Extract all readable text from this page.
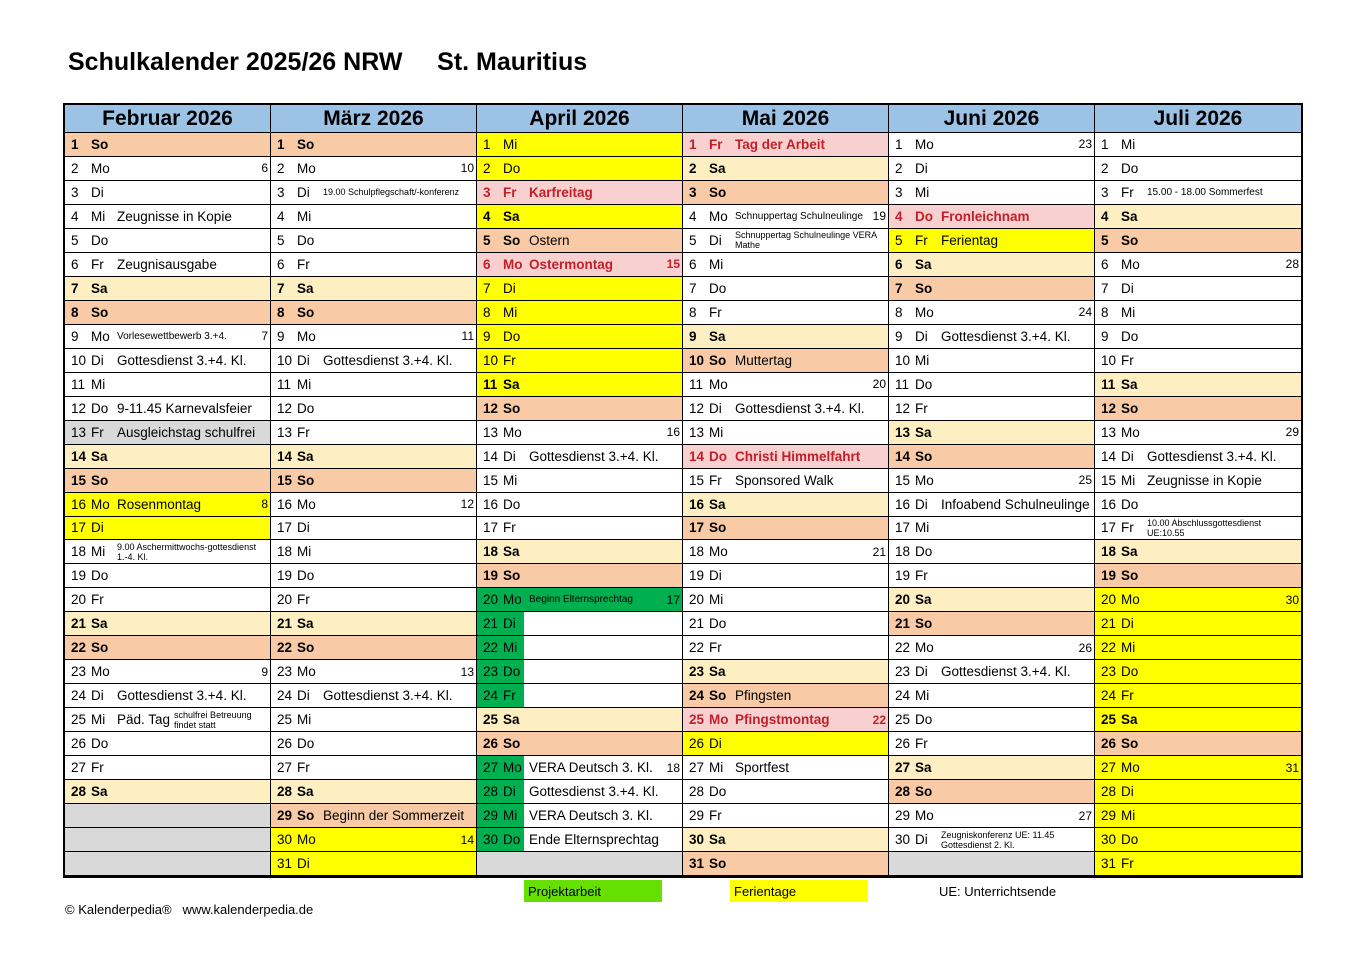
Schulkalender 2025/26 NRW     St. Mauritius
Februar 2026
1 So
2 Mo	6
3 Di
4 Mi Zeugnisse in Kopie
5 Do
6 Fr Zeugnisausgabe
7 Sa
8 So
9 Mo Vorlesewettbewerb 3.+4.	7
10 Di Gottesdienst 3.+4. Kl.
11 Mi
12 Do 9-11.45 Karnevalsfeier
13 Fr Ausgleichstag schulfrei
14 Sa
15 So
16 Mo Rosenmontag	8
17 Di
18 Mi	9.00 Aschermittwochs-gottesdienst 1.-4. Kl.
19 Do
20 Fr
21 Sa
22 So
23 Mo	9
24 Di Gottesdienst 3.+4. Kl.
25 Mi Päd. Tag schulfrei Betreuung findet statt
26 Do
27 Fr
28 Sa
März 2026
1 So
2 Mo	10
3 Di	19.00 Schulpflegschaft/-konferenz
4 Mi
5 Do
6 Fr
7 Sa
8 So
9 Mo	11
10 Di Gottesdienst 3.+4. Kl.
11 Mi
12 Do
13 Fr
14 Sa
15 So
16 Mo	12
17 Di
18 Mi
19 Do
20 Fr
21 Sa
22 So
23 Mo	13
24 Di Gottesdienst 3.+4. Kl.
25 Mi
26 Do
27 Fr
28 Sa
29 So Beginn der Sommerzeit
30 Mo	14
31 Di
April 2026
1 Mi
2 Do
3 Fr Karfreitag
4 Sa
5 So Ostern
6 Mo Ostermontag	15
7 Di
8 Mi
9 Do
10 Fr
11 Sa
12 So
13 Mo	16
14 Di Gottesdienst 3.+4. Kl.
15 Mi
16 Do
17 Fr
18 Sa
19 So
20 Mo Beginn Elternsprechtag	17
21 Di
22 Mi
23 Do
24 Fr
25 Sa
26 So
27 Mo VERA Deutsch 3. Kl. 18
28 Di Gottesdienst 3.+4. Kl.
29 Mi VERA Deutsch 3. Kl.
30 Do Ende Elternsprechtag
Mai 2026
1 Fr Tag der Arbeit
2 Sa
3 So
4 Mo Schnuppertag Schulneulinge 19
5 Di	Schnuppertag Schulneulinge VERA Mathe
6 Mi
7 Do
8 Fr
9 Sa
10 So Muttertag
11 Mo	20
12 Di Gottesdienst 3.+4. Kl.
13 Mi
14 Do Christi Himmelfahrt
15 Fr Sponsored Walk
16 Sa
17 So
18 Mo	21
19 Di
20 Mi
21 Do
22 Fr
23 Sa
24 So Pfingsten
25 Mo Pfingstmontag	22
26 Di
27 Mi Sportfest
28 Do
29 Fr
30 Sa
31 So
Juni 2026
1 Mo	23
2 Di
3 Mi
4 Do Fronleichnam
5 Fr Ferientag
6 Sa
7 So
8 Mo	24
9 Di Gottesdienst 3.+4. Kl.
10 Mi
11 Do
12 Fr
13 Sa
14 So
15 Mo	25
16 Di Infoabend Schulneulinge
17 Mi
18 Do
19 Fr
20 Sa
21 So
22 Mo	26
23 Di Gottesdienst 3.+4. Kl.
24 Mi
25 Do
26 Fr
27 Sa
28 So
29 Mo	27
30 Di	Zeugniskonferenz UE: 11.45 Gottesdienst 2. Kl.
Juli 2026
1 Mi
2 Do
3 Fr	15.00 - 18.00 Sommerfest
4 Sa
5 So
6 Mo	28
7 Di
8 Mi
9 Do
10 Fr
11 Sa
12 So
13 Mo	29
14 Di Gottesdienst 3.+4. Kl.
15 Mi Zeugnisse in Kopie
16 Do
17 Fr	10.00 Abschlussgottesdienst UE:10.55
18 Sa
19 So
20 Mo	30
21 Di
22 Mi
23 Do
24 Fr
25 Sa
26 So
27 Mo	31
28 Di
29 Mi
30 Do
31 Fr
Projektarbeit	Ferientage	UE: Unterrichtsende
© Kalenderpedia®   www.kalenderpedia.de
